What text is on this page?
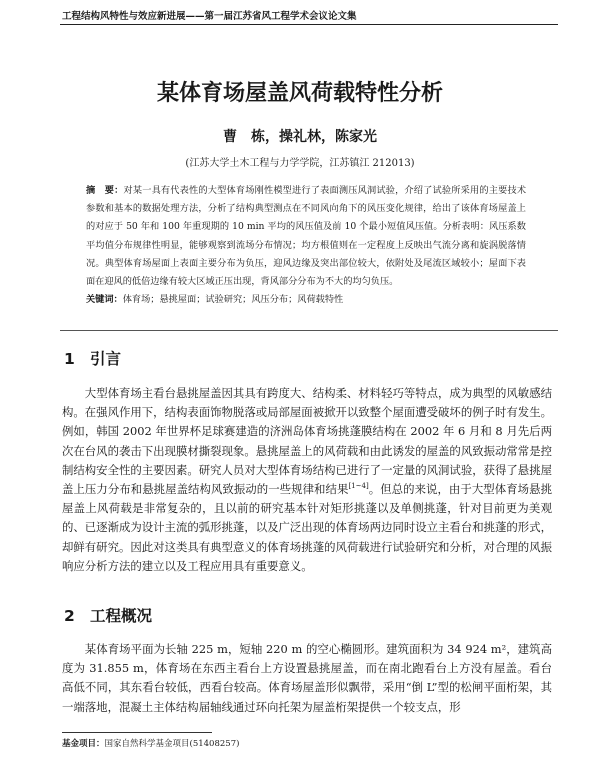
工程结构风特性与效应新进展——第一届江苏省风工程学术会议论文集
某体育场屋盖风荷载特性分析
曹　栋，操礼林，陈家光
(江苏大学土木工程与力学学院，江苏镇江 212013)
摘　要：对某一具有代表性的大型体育场刚性模型进行了表面测压风洞试验，介绍了试验所采用的主要技术参数和基本的数据处理方法，分析了结构典型测点在不同风向角下的风压变化规律，给出了该体育场屋盖上的对应于 50 年和 100 年重现期的 10 min 平均的风压值及前 10 个最小短值风压值。分析表明：风压系数平均值分布规律性明显，能够观察到流场分布情况；均方根值则在一定程度上反映出气流分离和旋涡脱落情况。典型体育场屋面上表面主要分布为负压，迎风边缘及突出部位较大，依附处及尾流区域较小；屋面下表面在迎风的低倍边缘有较大区域正压出现，背风部分分布为不大的均匀负压。
关键词：体育场；悬挑屋面；试验研究；风压分布；风荷载特性
1 引言
大型体育场主看台悬挑屋盖因其具有跨度大、结构柔、材料轻巧等特点，成为典型的风敏感结构。在强风作用下，结构表面饰物脱落或局部屋面被掀开以致整个屋面遭受破坏的例子时有发生。例如，韩国 2002 年世界杯足球赛建造的济洲岛体育场挑蓬膜结构在 2002 年 6 月和 8 月先后两次在台风的袭击下出现膜材撕裂现象。悬挑屋盖上的风荷载和由此诱发的屋盖的风致振动常常是控制结构安全性的主要因素。研究人员对大型体育场结构已进行了一定量的风洞试验，获得了悬挑屋盖上压力分布和悬挑屋盖结构风致振动的一些规律和结果[1~4]。但总的来说，由于大型体育场悬挑屋盖上风荷载是非常复杂的，且以前的研究基本针对矩形挑蓬以及单侧挑蓬，针对目前更为美观的、已逐渐成为设计主流的弧形挑蓬，以及广泛出现的体育场两边同时设立主看台和挑蓬的形式，却鲜有研究。因此对这类具有典型意义的体育场挑蓬的风荷载进行试验研究和分析，对合理的风振响应分析方法的建立以及工程应用具有重要意义。
2 工程概况
某体育场平面为长轴 225 m，短轴 220 m 的空心椭圆形。建筑面积为 34 924 m²，建筑高度为 31.855 m，体育场在东西主看台上方设置悬挑屋盖，而在南北跑看台上方没有屋盖。看台高低不同，其东看台较低，西看台较高。体育场屋盖形似飘带，采用“倒 L”型的松闸平面桁架，其一端落地，混凝土主体结构届轴线通过环向托架为屋盖桁架提供一个较支点，形
基金项目：国家自然科学基金项目(51408257)
